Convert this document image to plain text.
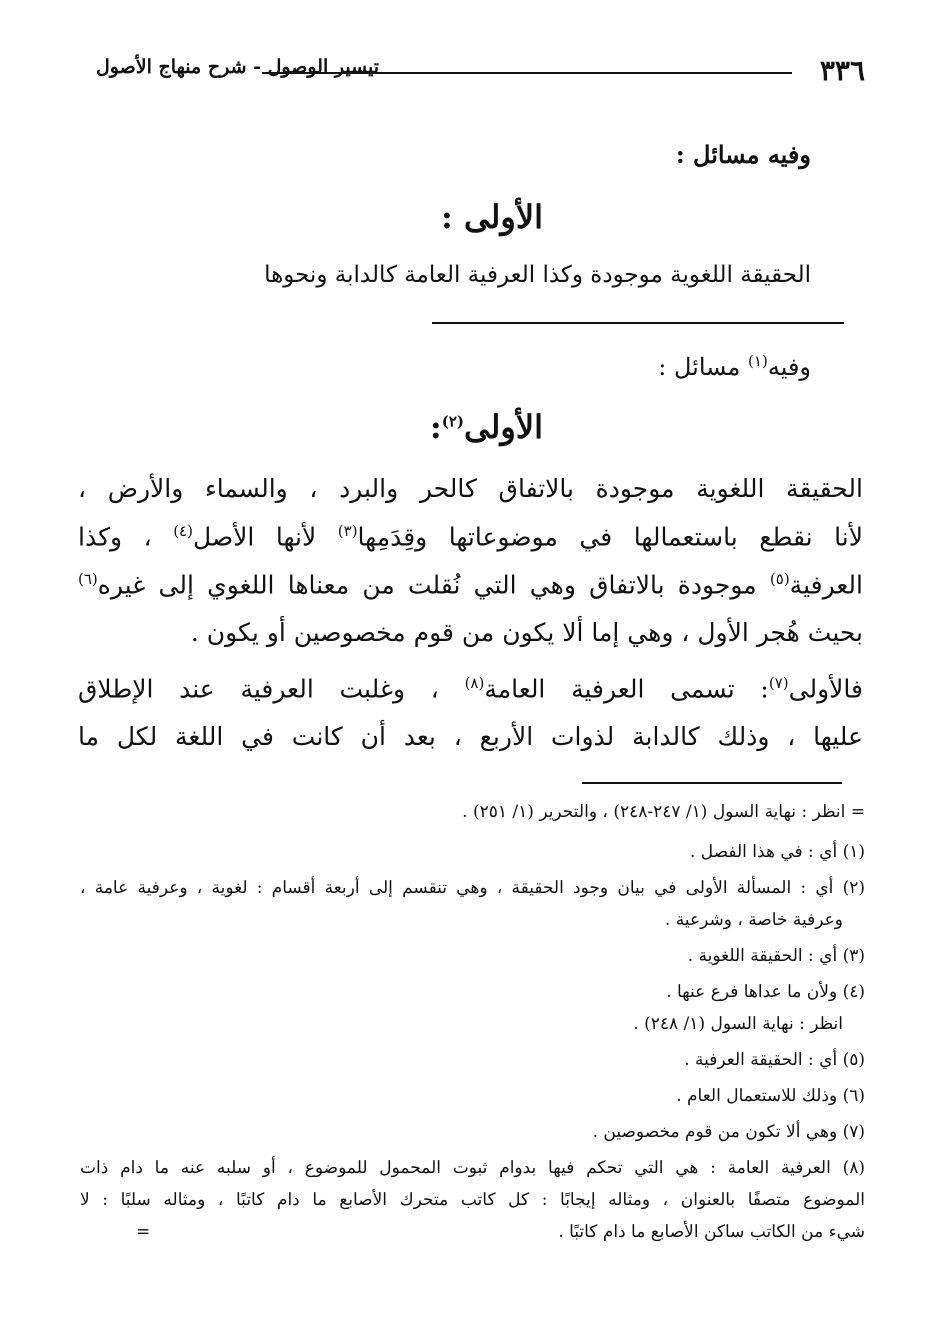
٣٣٦
تيسير الوصول - شرح منهاج الأصول
وفيه مسائل :
الأولى :
الحقيقة اللغوية موجودة وكذا العرفية العامة كالدابة ونحوها
وفيه$^{(١)}$ مسائل :
الأولى$^{(٢)}$:
الحقيقة اللغوية موجودة بالاتفاق كالحر والبرد ، والسماء والأرض ،
لأنا نقطع باستعمالها في موضوعاتها وقِدَمِها$^{(٣)}$ لأنها الأصل$^{(٤)}$ ، وكذا
العرفية$^{(٥)}$ موجودة بالاتفاق وهي التي نُقلت من معناها اللغوي إلى غيره$^{(٦)}$
بحيث هُجر الأول ، وهي إما ألا يكون من قوم مخصوصين أو يكون .
فالأولى$^{(٧)}$: تسمى العرفية العامة$^{(٨)}$ ، وغلبت العرفية عند الإطلاق
عليها ، وذلك كالدابة لذوات الأربع ، بعد أن كانت في اللغة لكل ما
= انظر : نهاية السول (١/ ٢٤٧-٢٤٨) ، والتحرير (١/ ٢٥١) .
(١) أي : في هذا الفصل .
(٢) أي : المسألة الأولى في بيان وجود الحقيقة ، وهي تنقسم إلى أربعة أقسام : لغوية ، وعرفية عامة ،
وعرفية خاصة ، وشرعية .
(٣) أي : الحقيقة اللغوية .
(٤) ولأن ما عداها فرع عنها .
انظر : نهاية السول (١/ ٢٤٨) .
(٥) أي : الحقيقة العرفية .
(٦) وذلك للاستعمال العام .
(٧) وهي ألا تكون من قوم مخصوصين .
(٨) العرفية العامة : هي التي تحكم فيها بدوام ثبوت المحمول للموضوع ، أو سلبه عنه ما دام ذات
الموضوع متصفًا بالعنوان ، ومثاله إيجابًا : كل كاتب متحرك الأصابع ما دام كاتبًا ، ومثاله سلبًا : لا
شيء من الكاتب ساكن الأصابع ما دام كاتبًا .
=
